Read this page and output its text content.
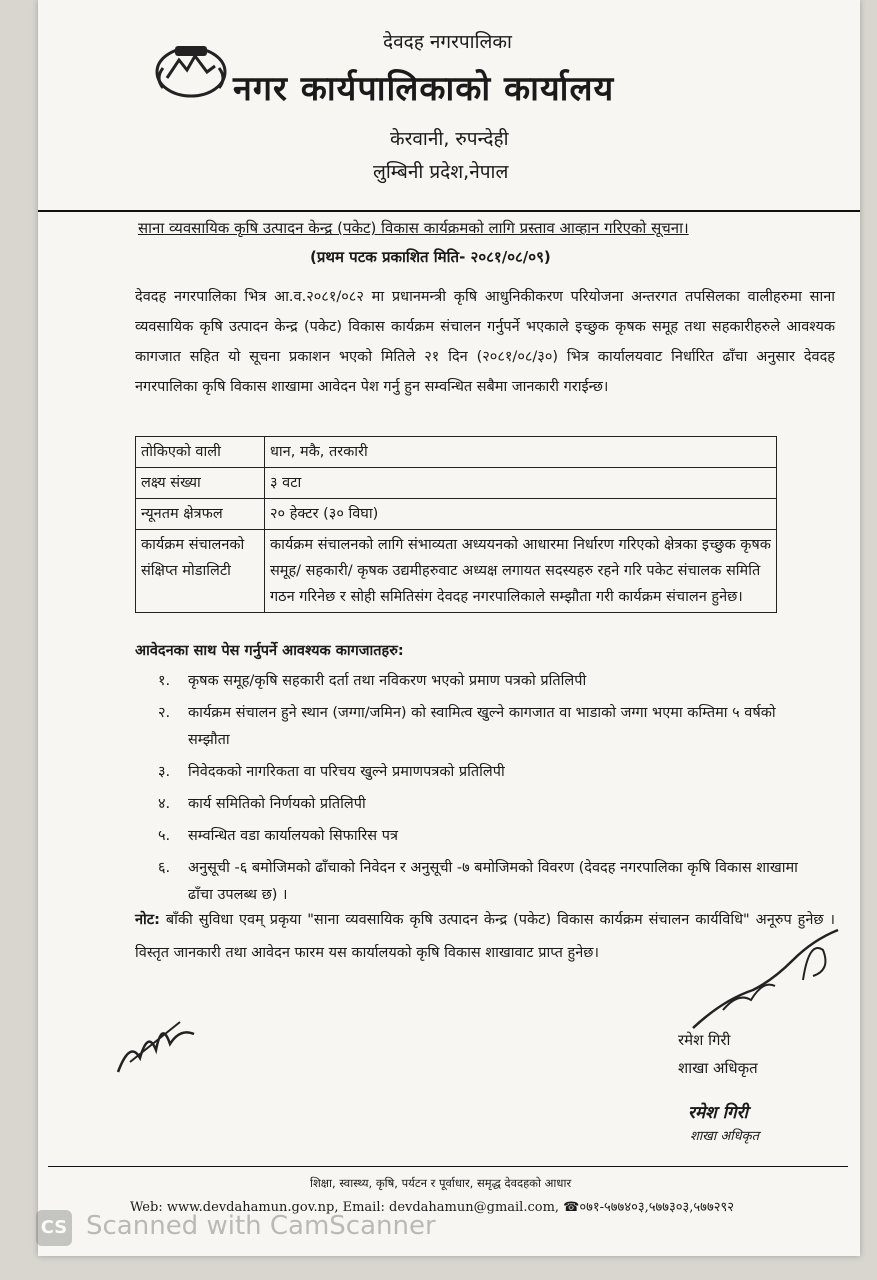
देवदह नगरपालिका
नगर कार्यपालिकाको कार्यालय
केरवानी, रुपन्देही
लुम्बिनी प्रदेश,नेपाल
साना व्यवसायिक कृषि उत्पादन केन्द्र (पकेट) विकास कार्यक्रमको लागि प्रस्ताव आव्हान गरिएको सूचना।
(प्रथम पटक प्रकाशित मिति- २०८१/०८/०९)
देवदह नगरपालिका भित्र आ.व.२०८१/०८२ मा प्रधानमन्त्री कृषि आधुनिकीकरण परियोजना अन्तरगत तपसिलका वालीहरुमा साना व्यवसायिक कृषि उत्पादन केन्द्र (पकेट) विकास कार्यक्रम संचालन गर्नुपर्ने भएकाले इच्छुक कृषक समूह तथा सहकारीहरुले आवश्यक कागजात सहित यो सूचना प्रकाशन भएको मितिले २१ दिन (२०८१/०८/३०) भित्र कार्यालयवाट निर्धारित ढाँचा अनुसार देवदह नगरपालिका कृषि विकास शाखामा आवेदन पेश गर्नु हुन सम्वन्धित सबैमा जानकारी गराईन्छ।
तोकिएको वाली	धान, मकै, तरकारी
लक्ष्य संख्या	३ वटा
न्यूनतम क्षेत्रफल	२० हेक्टर (३० विघा)
कार्यक्रम संचालनको संक्षिप्त मोडालिटी	कार्यक्रम संचालनको लागि संभाव्यता अध्ययनको आधारमा निर्धारण गरिएको क्षेत्रका इच्छुक कृषक समूह/ सहकारी/ कृषक उद्यमीहरुवाट अध्यक्ष लगायत सदस्यहरु रहने गरि पकेट संचालक समिति गठन गरिनेछ र सोही समितिसंग देवदह नगरपालिकाले सम्झौता गरी कार्यक्रम संचालन हुनेछ।
आवेदनका साथ पेस गर्नुपर्ने आवश्यक कागजातहरु:
१.	कृषक समूह/कृषि सहकारी दर्ता तथा नविकरण भएको प्रमाण पत्रको प्रतिलिपी
२.	कार्यक्रम संचालन हुने स्थान (जग्गा/जमिन) को स्वामित्व खुल्ने कागजात वा भाडाको जग्गा भएमा कम्तिमा ५ वर्षको सम्झौता
३.	निवेदकको नागरिकता वा परिचय खुल्ने प्रमाणपत्रको प्रतिलिपी
४.	कार्य समितिको निर्णयको प्रतिलिपी
५.	सम्वन्धित वडा कार्यालयको सिफारिस पत्र
६.	अनुसूची -६ बमोजिमको ढाँचाको निवेदन र अनुसूची -७ बमोजिमको विवरण (देवदह नगरपालिका कृषि विकास शाखामा ढाँचा उपलब्ध छ) ।
नोट: बाँकी सुविधा एवम् प्रकृया "साना व्यवसायिक कृषि उत्पादन केन्द्र (पकेट) विकास कार्यक्रम संचालन कार्यविधि" अनूरुप हुनेछ । विस्तृत जानकारी तथा आवेदन फारम यस कार्यालयको कृषि विकास शाखावाट प्राप्त हुनेछ।
रमेश गिरी
शाखा अधिकृत
रमेश गिरी
शाखा अधिकृत
शिक्षा, स्वास्थ्य, कृषि, पर्यटन र पूर्वाधार, समृद्ध देवदहको आधार
Web: www.devdahamun.gov.np, Email: devdahamun@gmail.com, ☎०७१-५७७४०३,५७७३०३,५७७२९२
CS Scanned with CamScanner
